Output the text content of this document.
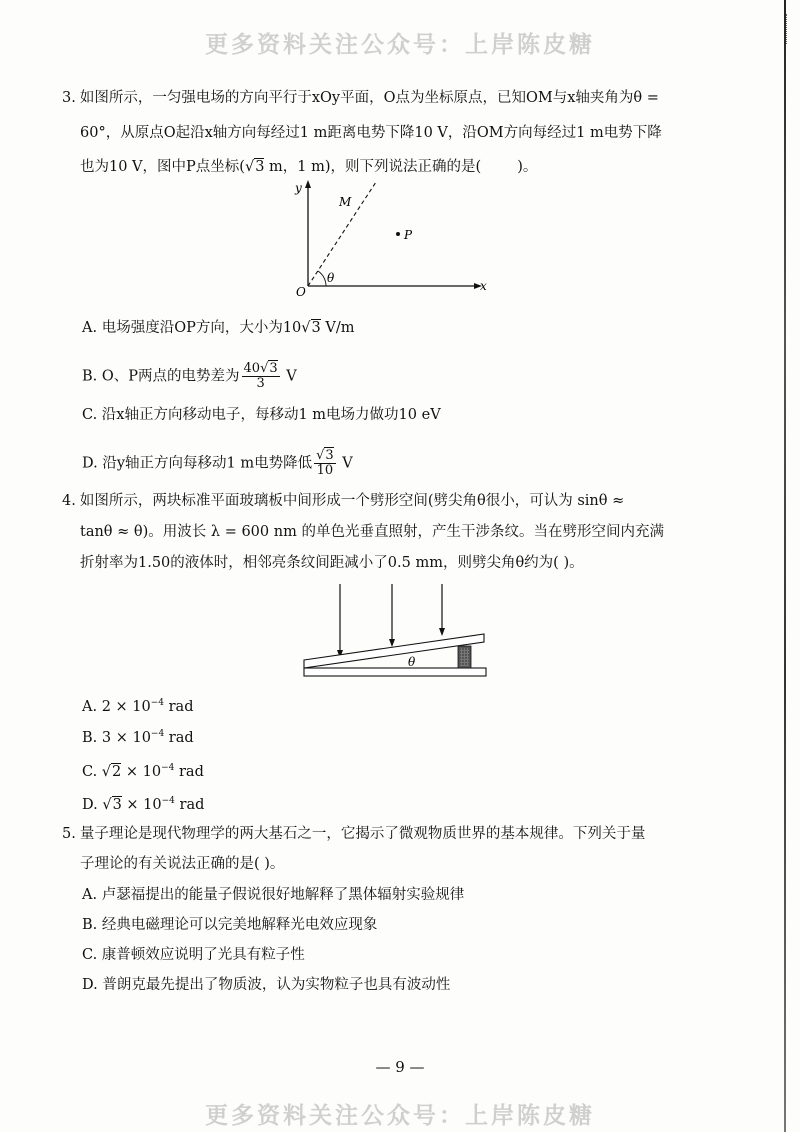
更多资料关注公众号：上岸陈皮糖
3. 如图所示，一匀强电场的方向平行于xOy平面，O点为坐标原点，已知OM与x轴夹角为θ =
60°，从原点O起沿x轴方向每经过1 m距离电势下降10 V，沿OM方向每经过1 m电势下降
也为10 V，图中P点坐标(√3 m，1 m)，则下列说法正确的是( )。
y
x
O
M
P
θ
A. 电场强度沿OP方向，大小为10√3 V/m
B. O、P两点的电势差为 $\frac{40√3}{3}$ V
C. 沿x轴正方向移动电子，每移动1 m电场力做功10 eV
D. 沿y轴正方向每移动1 m电势降低 $\frac{√3}{10}$ V
4. 如图所示，两块标准平面玻璃板中间形成一个劈形空间(劈尖角θ很小，可认为 sinθ ≈
tanθ ≈ θ)。用波长 λ = 600 nm 的单色光垂直照射，产生干涉条纹。当在劈形空间内充满
折射率为1.50的液体时，相邻亮条纹间距减小了0.5 mm，则劈尖角θ约为( )。
θ
A. $2 \times 10^{-4}$ rad
B. $3 \times 10^{-4}$ rad
C. $√2 \times 10^{-4}$ rad
D. $√3 \times 10^{-4}$ rad
5. 量子理论是现代物理学的两大基石之一，它揭示了微观物质世界的基本规律。下列关于量
子理论的有关说法正确的是( )。
A. 卢瑟福提出的能量子假说很好地解释了黑体辐射实验规律
B. 经典电磁理论可以完美地解释光电效应现象
C. 康普顿效应说明了光具有粒子性
D. 普朗克最先提出了物质波，认为实物粒子也具有波动性
— 9 —
更多资料关注公众号：上岸陈皮糖
